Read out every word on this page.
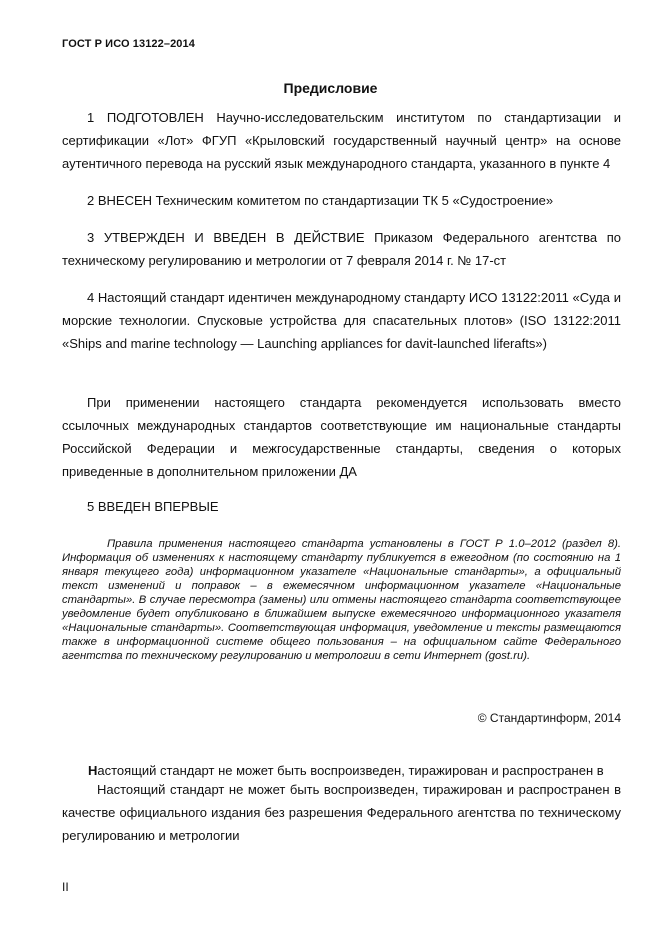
ГОСТ Р ИСО 13122–2014
Предисловие

1 ПОДГОТОВЛЕН Научно-исследовательским институтом по стандартизации и сертификации «Лот» ФГУП «Крыловский государственный научный центр» на основе аутентичного перевода на русский язык международного стандарта, указанного в пункте 4

2 ВНЕСЕН Техническим комитетом по стандартизации ТК 5 «Судостроение»

3 УТВЕРЖДЕН И ВВЕДЕН В ДЕЙСТВИЕ Приказом Федерального агентства по техническому регулированию и метрологии от 7 февраля 2014 г. № 17-ст

4 Настоящий стандарт идентичен международному стандарту ИСО 13122:2011 «Суда и морские технологии. Спусковые устройства для спасательных плотов» (ISO 13122:2011 «Ships and marine technology — Launching appliances for davit-launched liferafts»)

При применении настоящего стандарта рекомендуется использовать вместо ссылочных международных стандартов соответствующие им национальные стандарты Российской Федерации и межгосударственные стандарты, сведения о которых приведенные в дополнительном приложении ДА

5 ВВЕДЕН ВПЕРВЫЕ

Правила применения настоящего стандарта установлены в ГОСТ Р 1.0–2012 (раздел 8). Информация об изменениях к настоящему стандарту публикуется в ежегодном (по состоянию на 1 января текущего года) информационном указателе «Национальные стандарты», а официальный текст изменений и поправок – в ежемесячном информационном указателе «Национальные стандарты». В случае пересмотра (замены) или отмены настоящего стандарта соответствующее уведомление будет опубликовано в ближайшем выпуске ежемесячного информационного указателя «Национальные стандарты». Соответствующая информация, уведомление и тексты размещаются также в информационной системе общего пользования – на официальном сайте Федерального агентства по техническому регулированию и метрологии в сети Интернет (gost.ru).

© Стандартинформ, 2014

Настоящий стандарт не может быть воспроизведен, тиражирован и распространен в

Настоящий стандарт не может быть воспроизведен, тиражирован и распространен в качестве официального издания без разрешения Федерального агентства по техническому регулированию и метрологии

II
